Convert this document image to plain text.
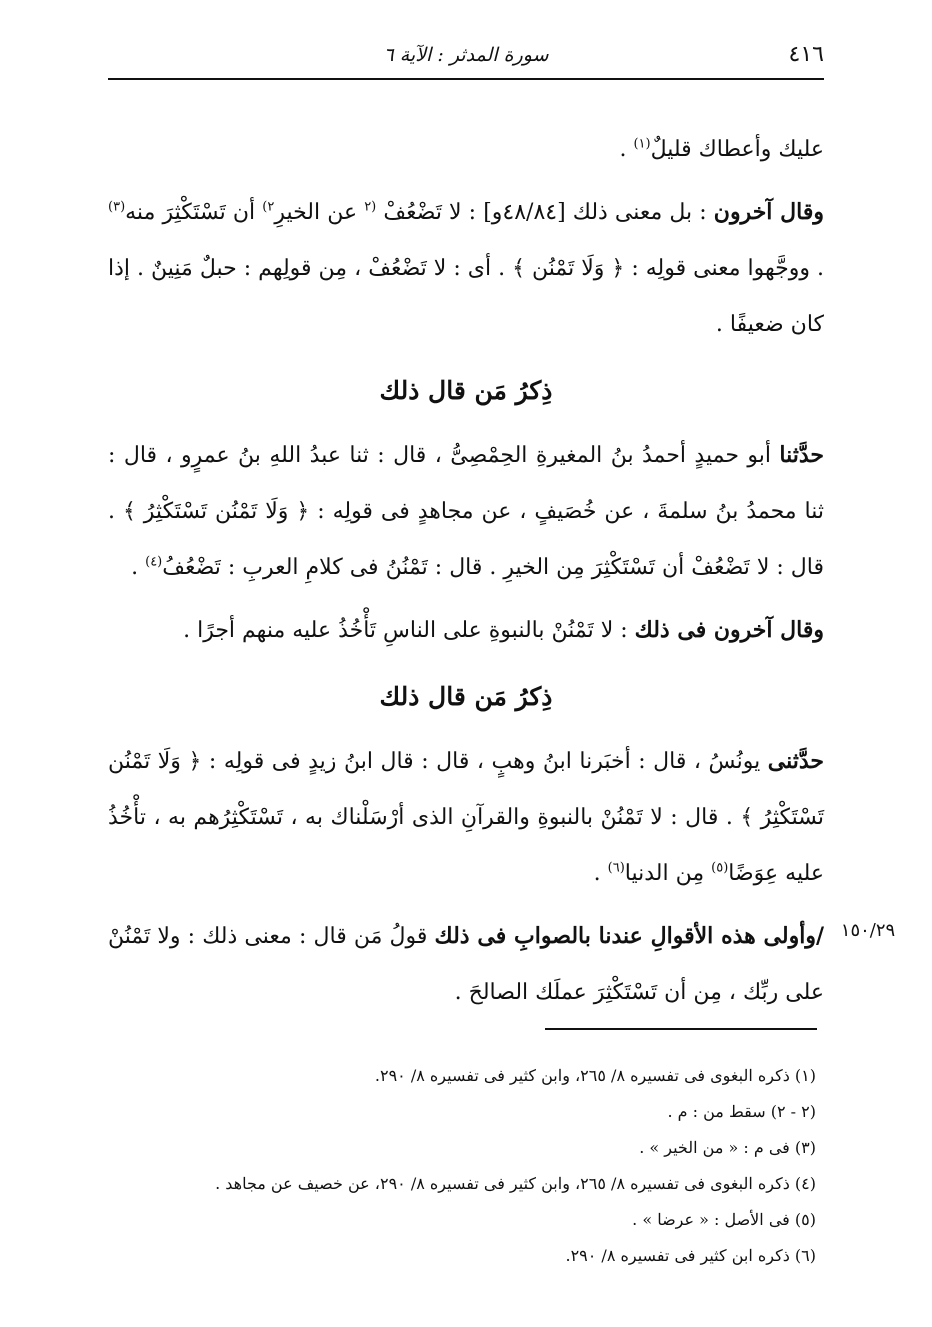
٤١٦
سورة المدثر : الآية ٦
١٥٠/٢٩

عليك وأعطاك قليلٌ$^{(١)}$ .

وقال آخرون : بل معنى ذلك [٤٨/٨٤و] : لا تَضْعُفْ $^{(٢}$ عن الخيرِ$^{٢)}$ أن تَسْتَكْثِرَ منه$^{(٣)}$ . ووجَّهوا معنى قولِه : ﴿ وَلَا تَمْنُن ﴾ . أى : لا تَضْعُفْ ، مِن قولِهم : حبلٌ مَنِينٌ . إذا كان ضعيفًا .

ذِكرُ مَن قال ذلك

حدَّثنا أبو حميدٍ أحمدُ بنُ المغيرةِ الحِمْصِىُّ ، قال : ثنا عبدُ اللهِ بنُ عمرٍو ، قال : ثنا محمدُ بنُ سلمةَ ، عن خُصَيفٍ ، عن مجاهدٍ فى قولِه : ﴿ وَلَا تَمْنُن تَسْتَكْثِرُ ﴾ . قال : لا تَضْعُفْ أن تَسْتَكْثِرَ مِن الخيرِ . قال : تَمْنُنُ فى كلامِ العربِ : تَضْعُفُ$^{(٤)}$ .

وقال آخرون فى ذلك : لا تَمْنُنْ بالنبوةِ على الناسِ تَأْخُذُ عليه منهم أجرًا .

ذِكرُ مَن قال ذلك

حدَّثنى يونُسُ ، قال : أخبَرنا ابنُ وهبٍ ، قال : قال ابنُ زيدٍ فى قولِه : ﴿ وَلَا تَمْنُن تَسْتَكْثِرُ ﴾ . قال : لا تَمْنُنْ بالنبوةِ والقرآنِ الذى أرْسَلْناك به ، تَسْتَكْثِرُهم به ، تأْخُذُ عليه عِوَضًا$^{(٥)}$ مِن الدنيا$^{(٦)}$ .

/وأولى هذه الأقوالِ عندنا بالصوابِ فى ذلك قولُ مَن قال : معنى ذلك : ولا تَمْنُنْ على ربِّك ، مِن أن تَسْتَكْثِرَ عملَك الصالحَ .

(١) ذكره البغوى فى تفسيره ٨/ ٢٦٥، وابن كثير فى تفسيره ٨/ ٢٩٠.

(٢ - ٢) سقط من : م .

(٣) فى م : « من الخير » .

(٤) ذكره البغوى فى تفسيره ٨/ ٢٦٥، وابن كثير فى تفسيره ٨/ ٢٩٠، عن خصيف عن مجاهد .

(٥) فى الأصل : « عرضا » .

(٦) ذكره ابن كثير فى تفسيره ٨/ ٢٩٠.
